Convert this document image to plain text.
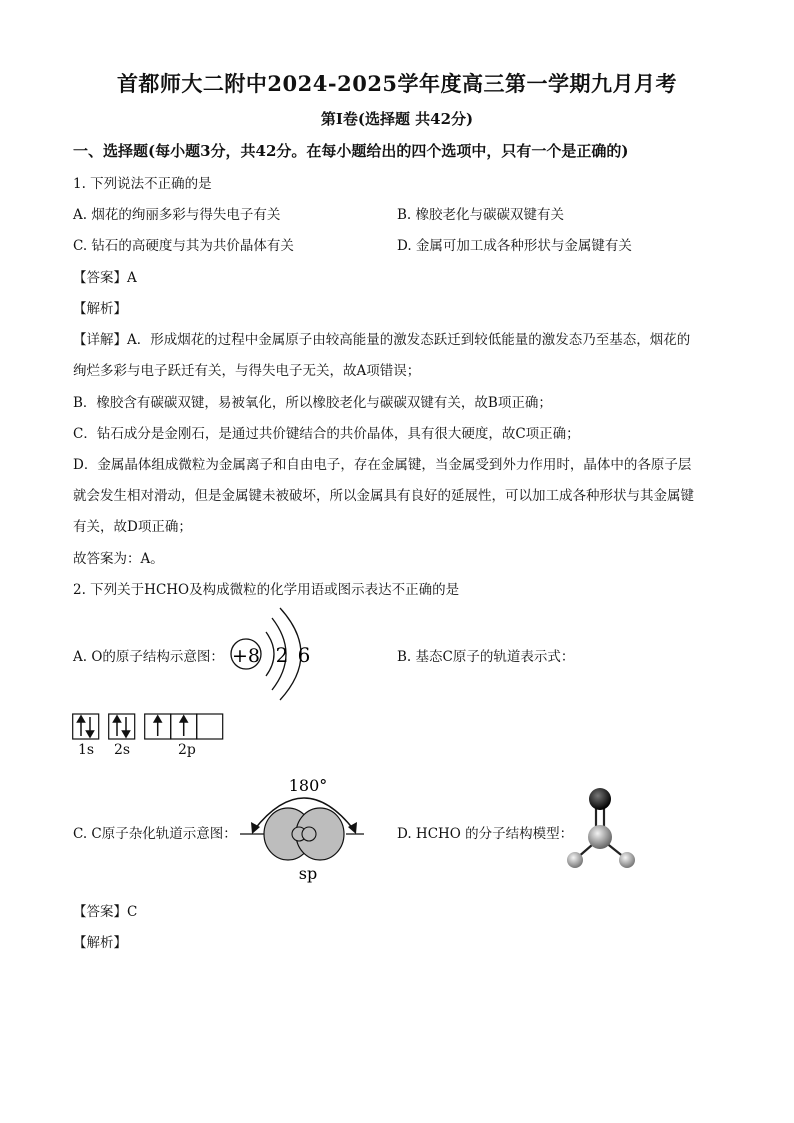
首都师大二附中2024-2025学年度高三第一学期九月月考
第I卷(选择题 共42分)
一、选择题(每小题3分，共42分。在每小题给出的四个选项中，只有一个是正确的)
1. 下列说法不正确的是
A. 烟花的绚丽多彩与得失电子有关	B. 橡胶老化与碳碳双键有关
C. 钻石的高硬度与其为共价晶体有关	D. 金属可加工成各种形状与金属键有关
【答案】A
【解析】
【详解】A．形成烟花的过程中金属原子由较高能量的激发态跃迁到较低能量的激发态乃至基态，烟花的
绚烂多彩与电子跃迁有关，与得失电子无关，故A项错误；
B．橡胶含有碳碳双键，易被氧化，所以橡胶老化与碳碳双键有关，故B项正确；
C．钻石成分是金刚石，是通过共价键结合的共价晶体，具有很大硬度，故C项正确；
D．金属晶体组成微粒为金属离子和自由电子，存在金属键，当金属受到外力作用时，晶体中的各原子层
就会发生相对滑动，但是金属键未被破坏，所以金属具有良好的延展性，可以加工成各种形状与其金属键
有关，故D项正确；
故答案为：A。
2. 下列关于HCHO及构成微粒的化学用语或图示表达不正确的是
A. O的原子结构示意图： +8 2 6	B. 基态C原子的轨道表示式：
1s 2s	2p
C. C原子杂化轨道示意图：
180°
sp
D. HCHO 的分子结构模型：
【答案】C
【解析】
